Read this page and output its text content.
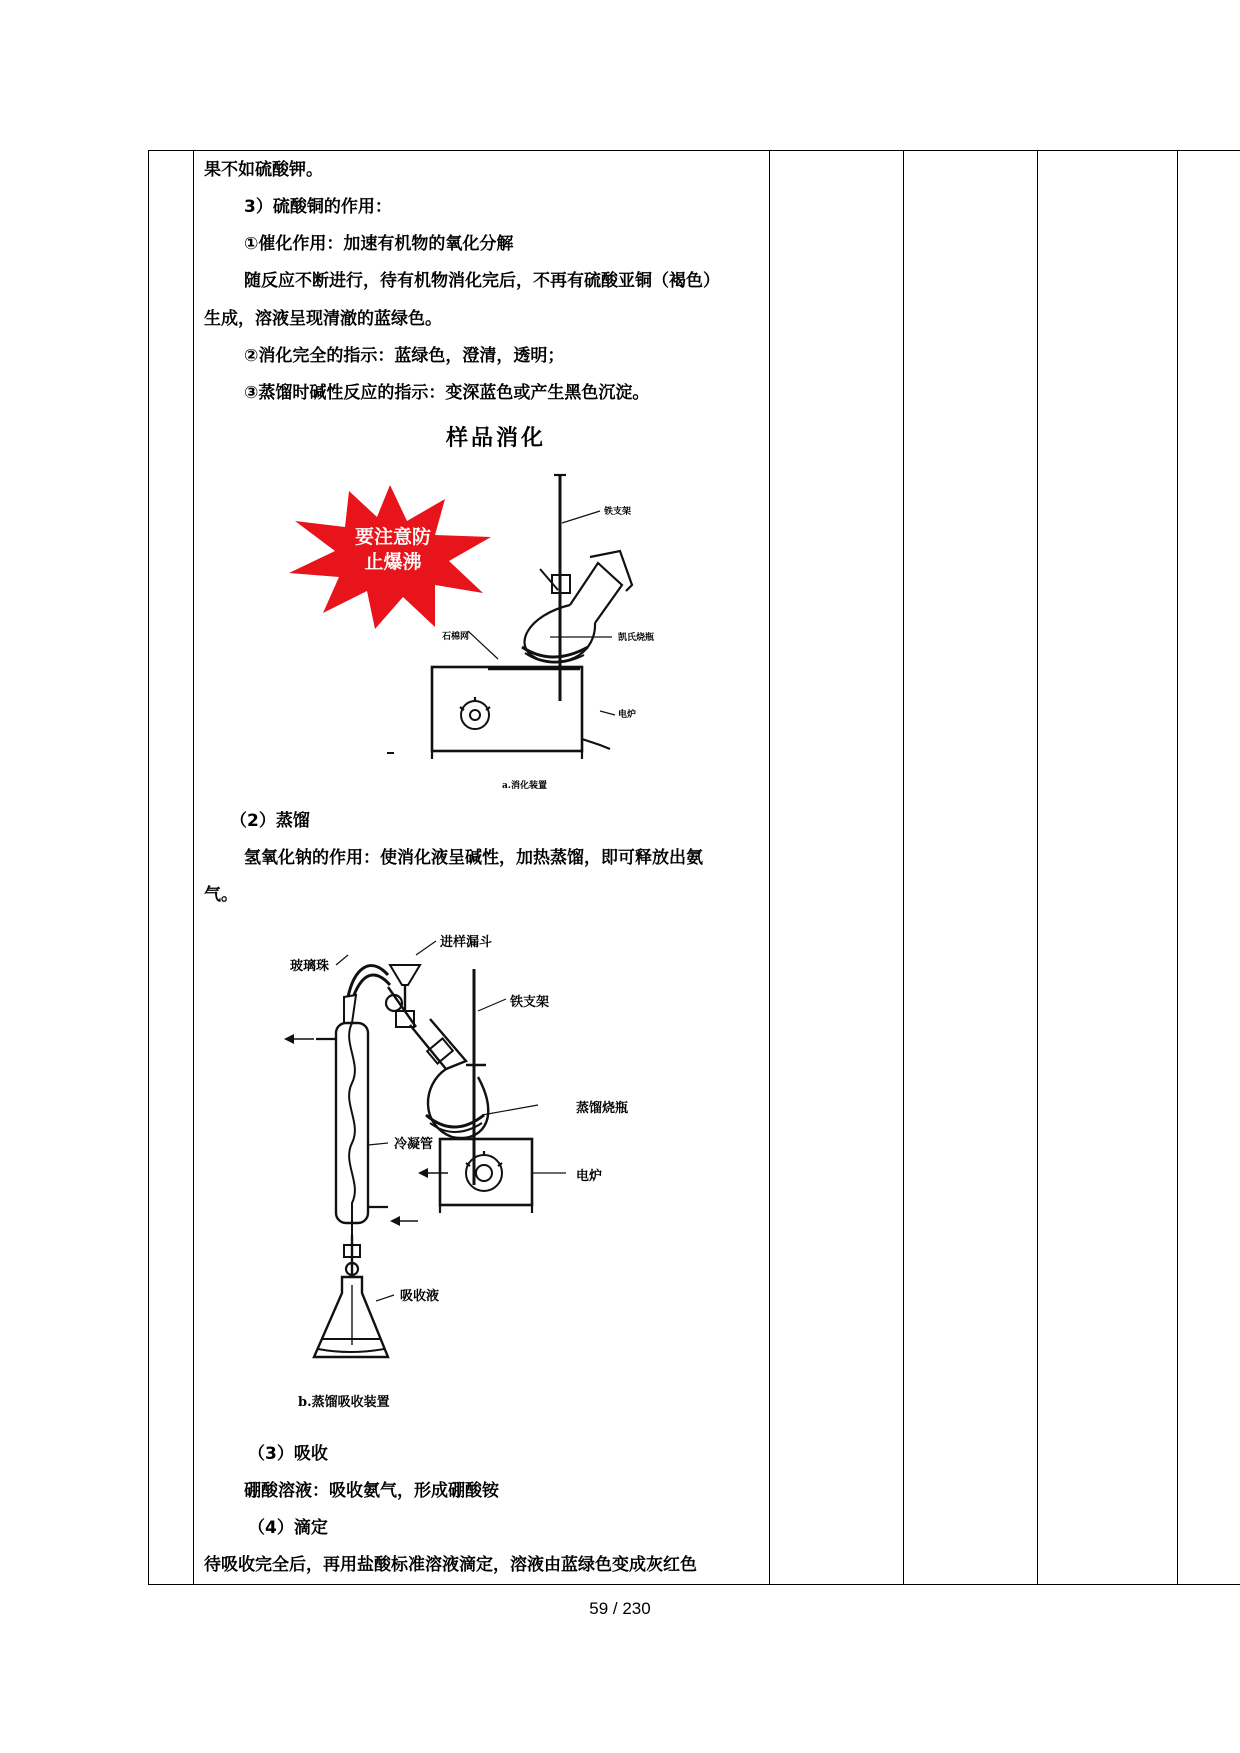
果不如硫酸钾。
3）硫酸铜的作用：
①催化作用：加速有机物的氧化分解
随反应不断进行，待有机物消化完后，不再有硫酸亚铜（褐色）
生成，溶液呈现清澈的蓝绿色。
②消化完全的指示：蓝绿色，澄清，透明；
③蒸馏时碱性反应的指示：变深蓝色或产生黑色沉淀。
样品消化
要注意防
止爆沸
铁支架
凯氏烧瓶
石棉网
电炉
a.消化装置
（2）蒸馏
氢氧化钠的作用：使消化液呈碱性，加热蒸馏，即可释放出氨
气。
进样漏斗
玻璃珠
铁支架
蒸馏烧瓶
冷凝管
电炉
吸收液
b.蒸馏吸收装置
（3）吸收
硼酸溶液：吸收氨气，形成硼酸铵
（4）滴定
待吸收完全后，再用盐酸标准溶液滴定，溶液由蓝绿色变成灰红色
59 / 230
